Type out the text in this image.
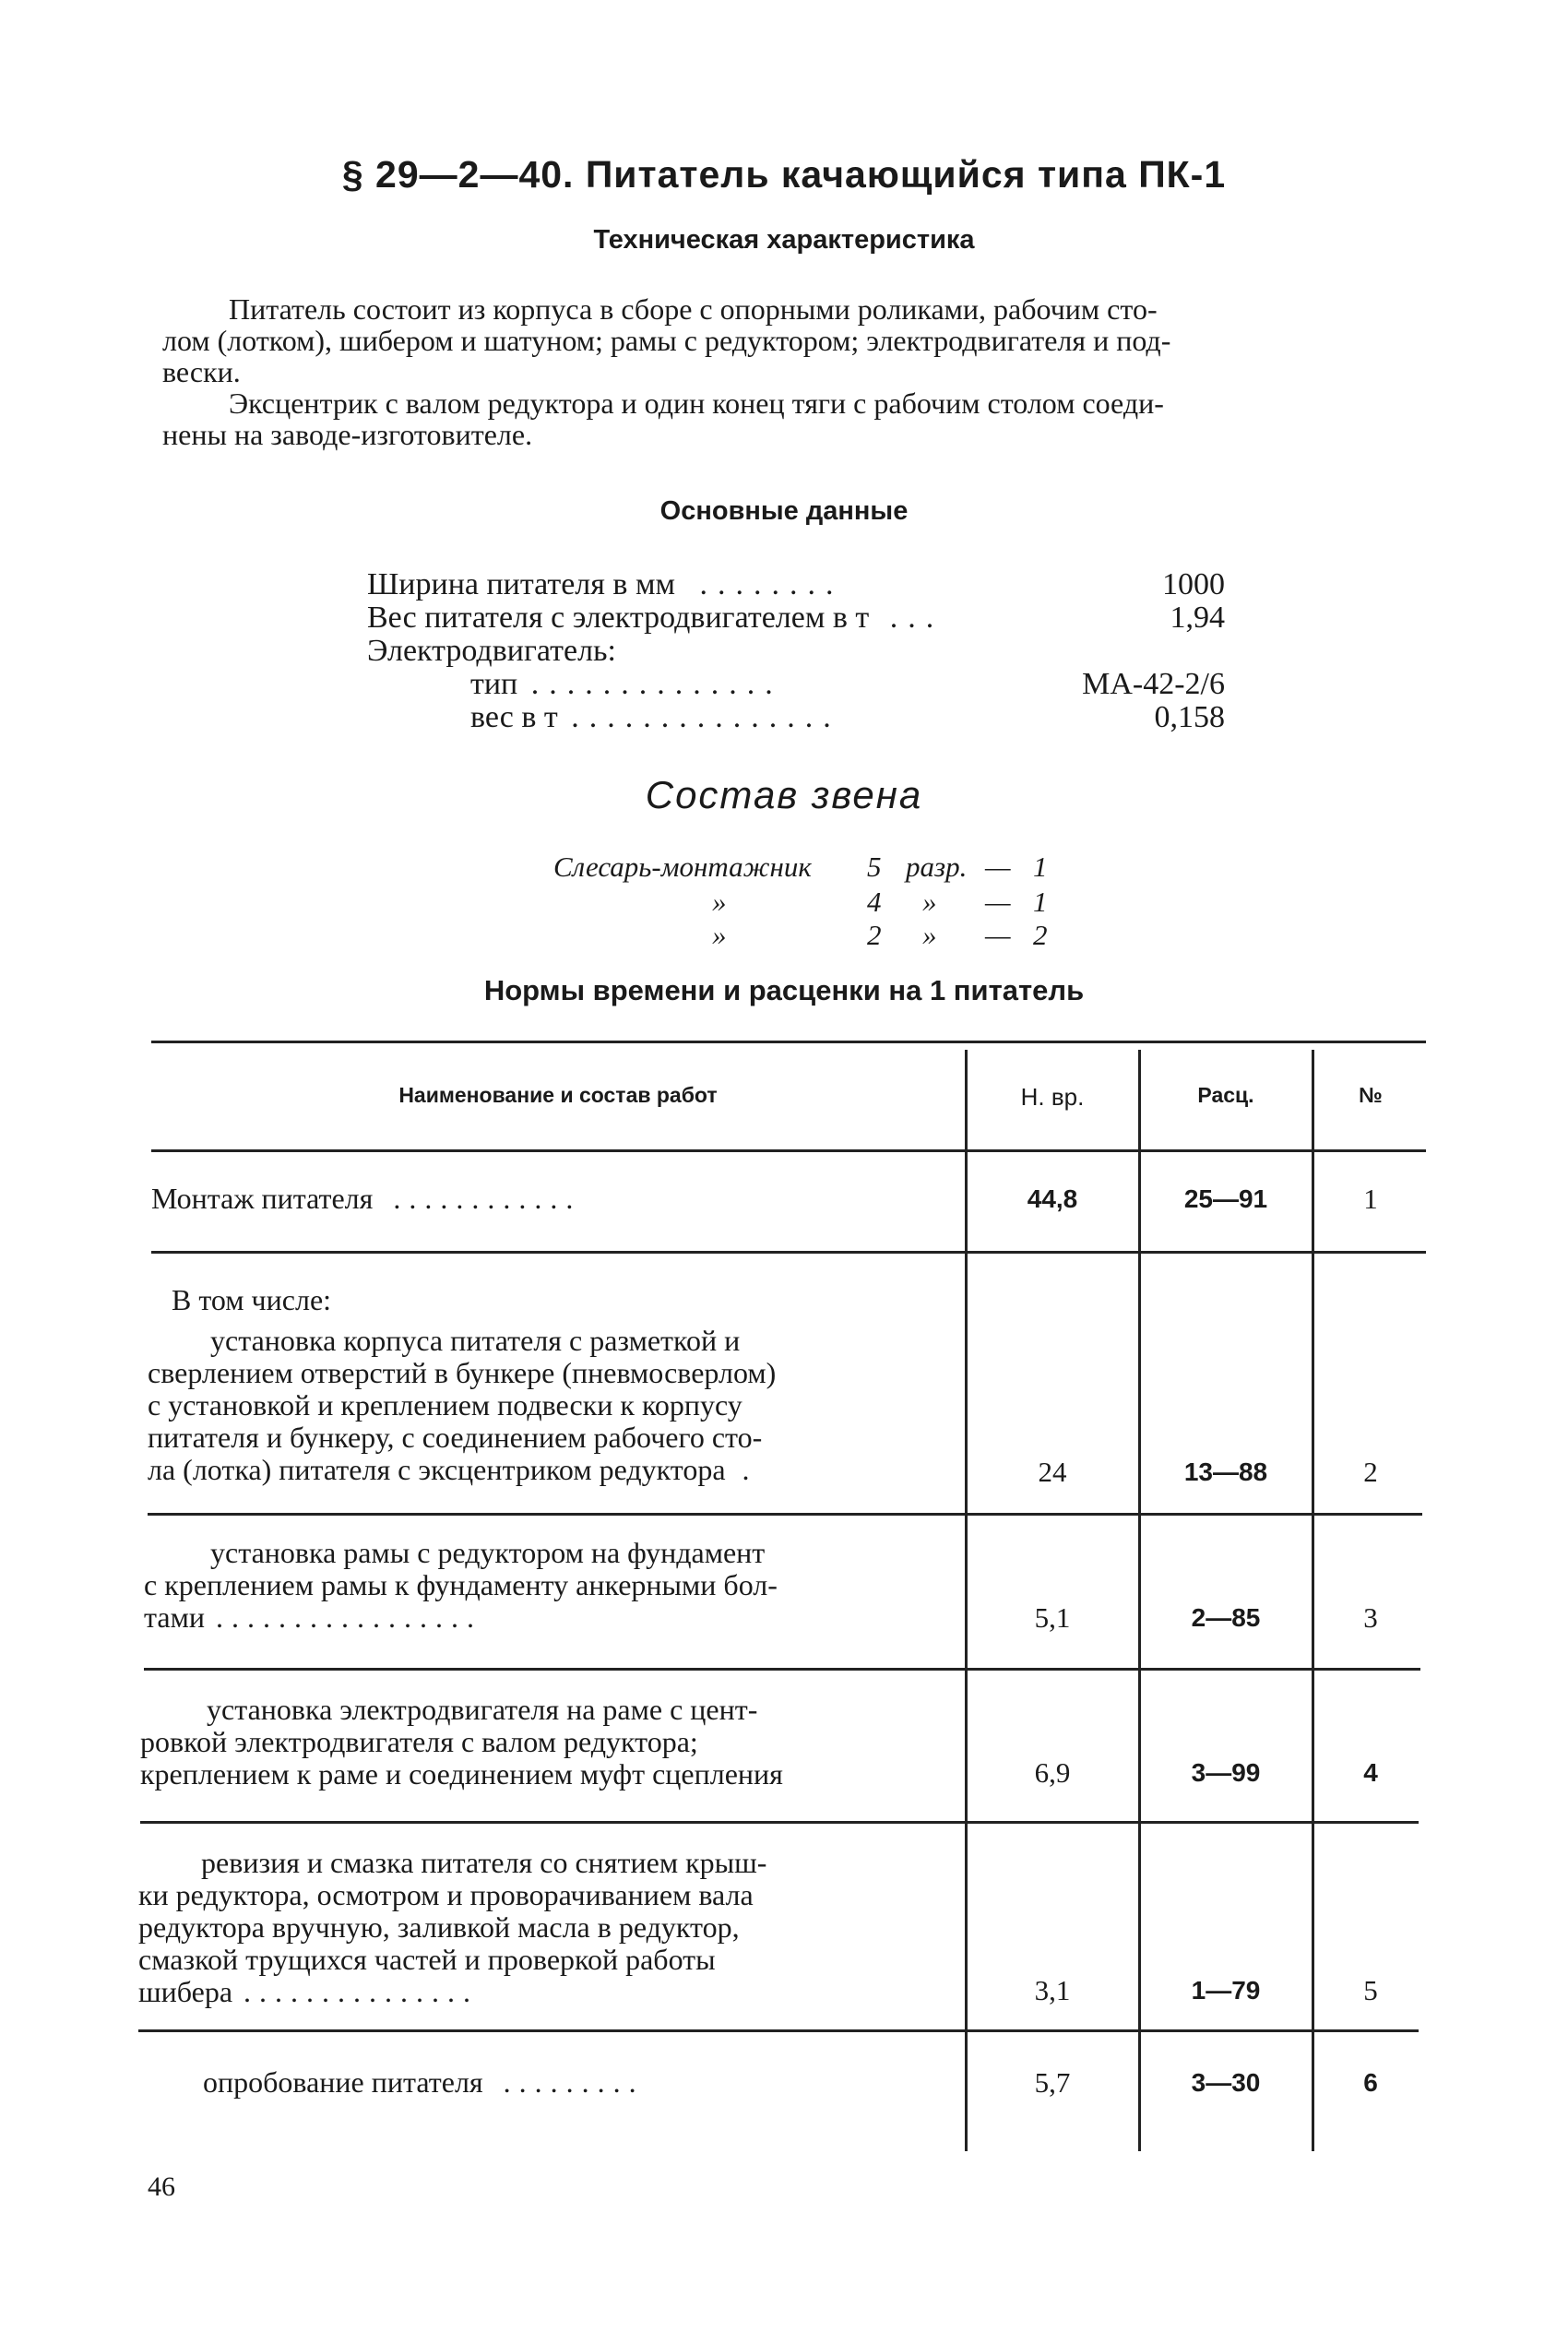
§ 29—2—40. Питатель качающийся типа ПК-1
Техническая характеристика
Питатель состоит из корпуса в сборе с опорными роликами, рабочим сто-
лом (лотком), шибером и шатуном; рамы с редуктором; электродвигателя и под-
вески.
Эксцентрик с валом редуктора и один конец тяги с рабочим столом соеди-
нены на заводе-изготовителе.
Основные данные
Ширина питателя в мм ........	1000
Вес питателя с электродвигателем в т ...	1,94
Электродвигатель:
тип ..............	МА-42-2/6
вес в т ...............	0,158
Состав звена
Слесарь-монтажник 5 разр. — 1
»	4 » — 1
»	2 » — 2
Нормы времени и расценки на 1 питатель
Наименование и состав работ	Н. вр.	Расц.	№
Монтаж питателя ............	44,8	25—91	1
В том числе:
установка корпуса питателя с разметкой и
сверлением отверстий в бункере (пневмосверлом)
с установкой и креплением подвески к корпусу
питателя и бункеру, с соединением рабочего сто-
ла (лотка) питателя с эксцентриком редуктора .	24	13—88	2
установка рамы с редуктором на фундамент
с креплением рамы к фундаменту анкерными бол-
тами .................	5,1	2—85	3
установка электродвигателя на раме с цент-
ровкой электродвигателя с валом редуктора;
креплением к раме и соединением муфт сцепления	6,9	3—99	4
ревизия и смазка питателя со снятием крыш-
ки редуктора, осмотром и проворачиванием вала
редуктора вручную, заливкой масла в редуктор,
смазкой трущихся частей и проверкой работы
шибера ...............	3,1	1—79	5
опробование питателя .........	5,7	3—30	6
46
